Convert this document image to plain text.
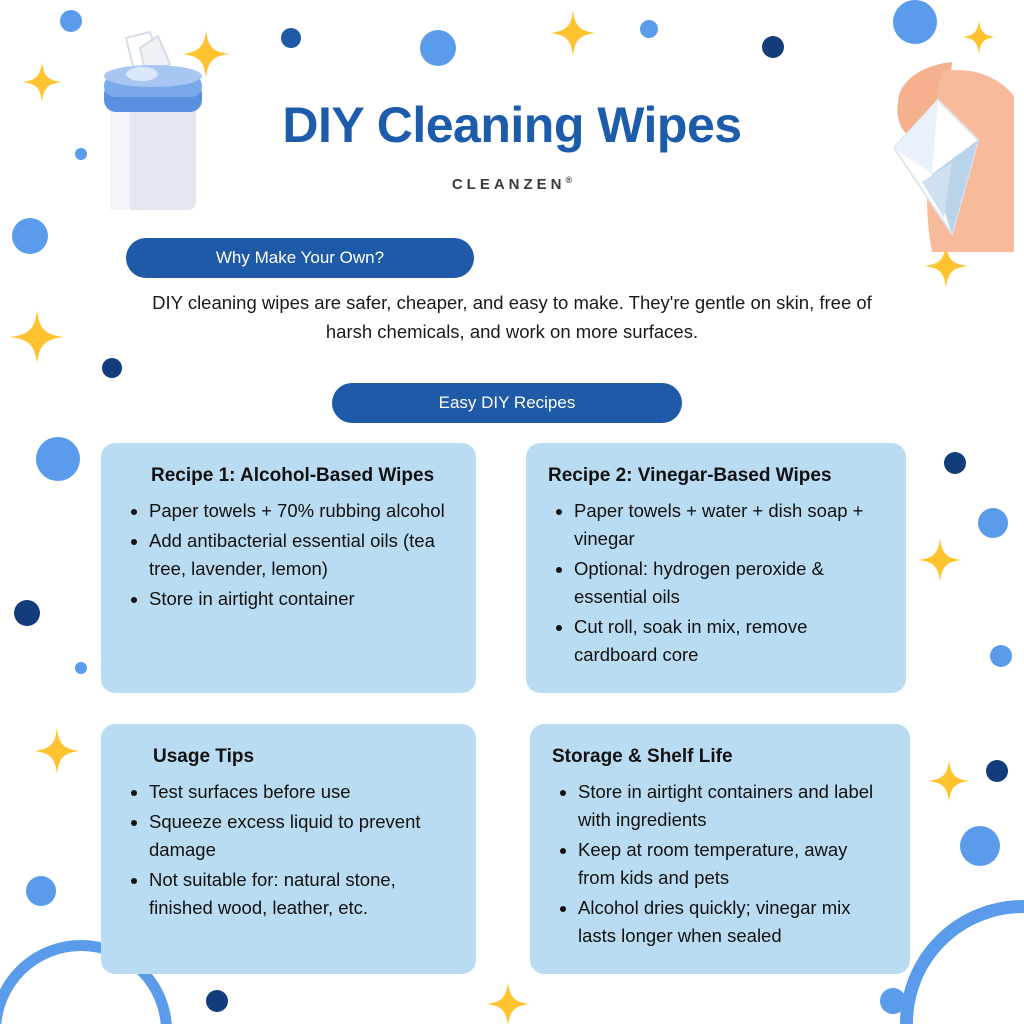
DIY Cleaning Wipes
CLEANZEN®
Why Make Your Own?
DIY cleaning wipes are safer, cheaper, and easy to make. They're gentle on skin, free of harsh chemicals, and work on more surfaces.
Easy DIY Recipes
Recipe 1: Alcohol-Based Wipes
• Paper towels + 70% rubbing alcohol
• Add antibacterial essential oils (tea tree, lavender, lemon)
• Store in airtight container
Recipe 2: Vinegar-Based Wipes
• Paper towels + water + dish soap + vinegar
• Optional: hydrogen peroxide & essential oils
• Cut roll, soak in mix, remove cardboard core
Usage Tips
• Test surfaces before use
• Squeeze excess liquid to prevent damage
• Not suitable for: natural stone, finished wood, leather, etc.
Storage & Shelf Life
• Store in airtight containers and label with ingredients
• Keep at room temperature, away from kids and pets
• Alcohol dries quickly; vinegar mix lasts longer when sealed
